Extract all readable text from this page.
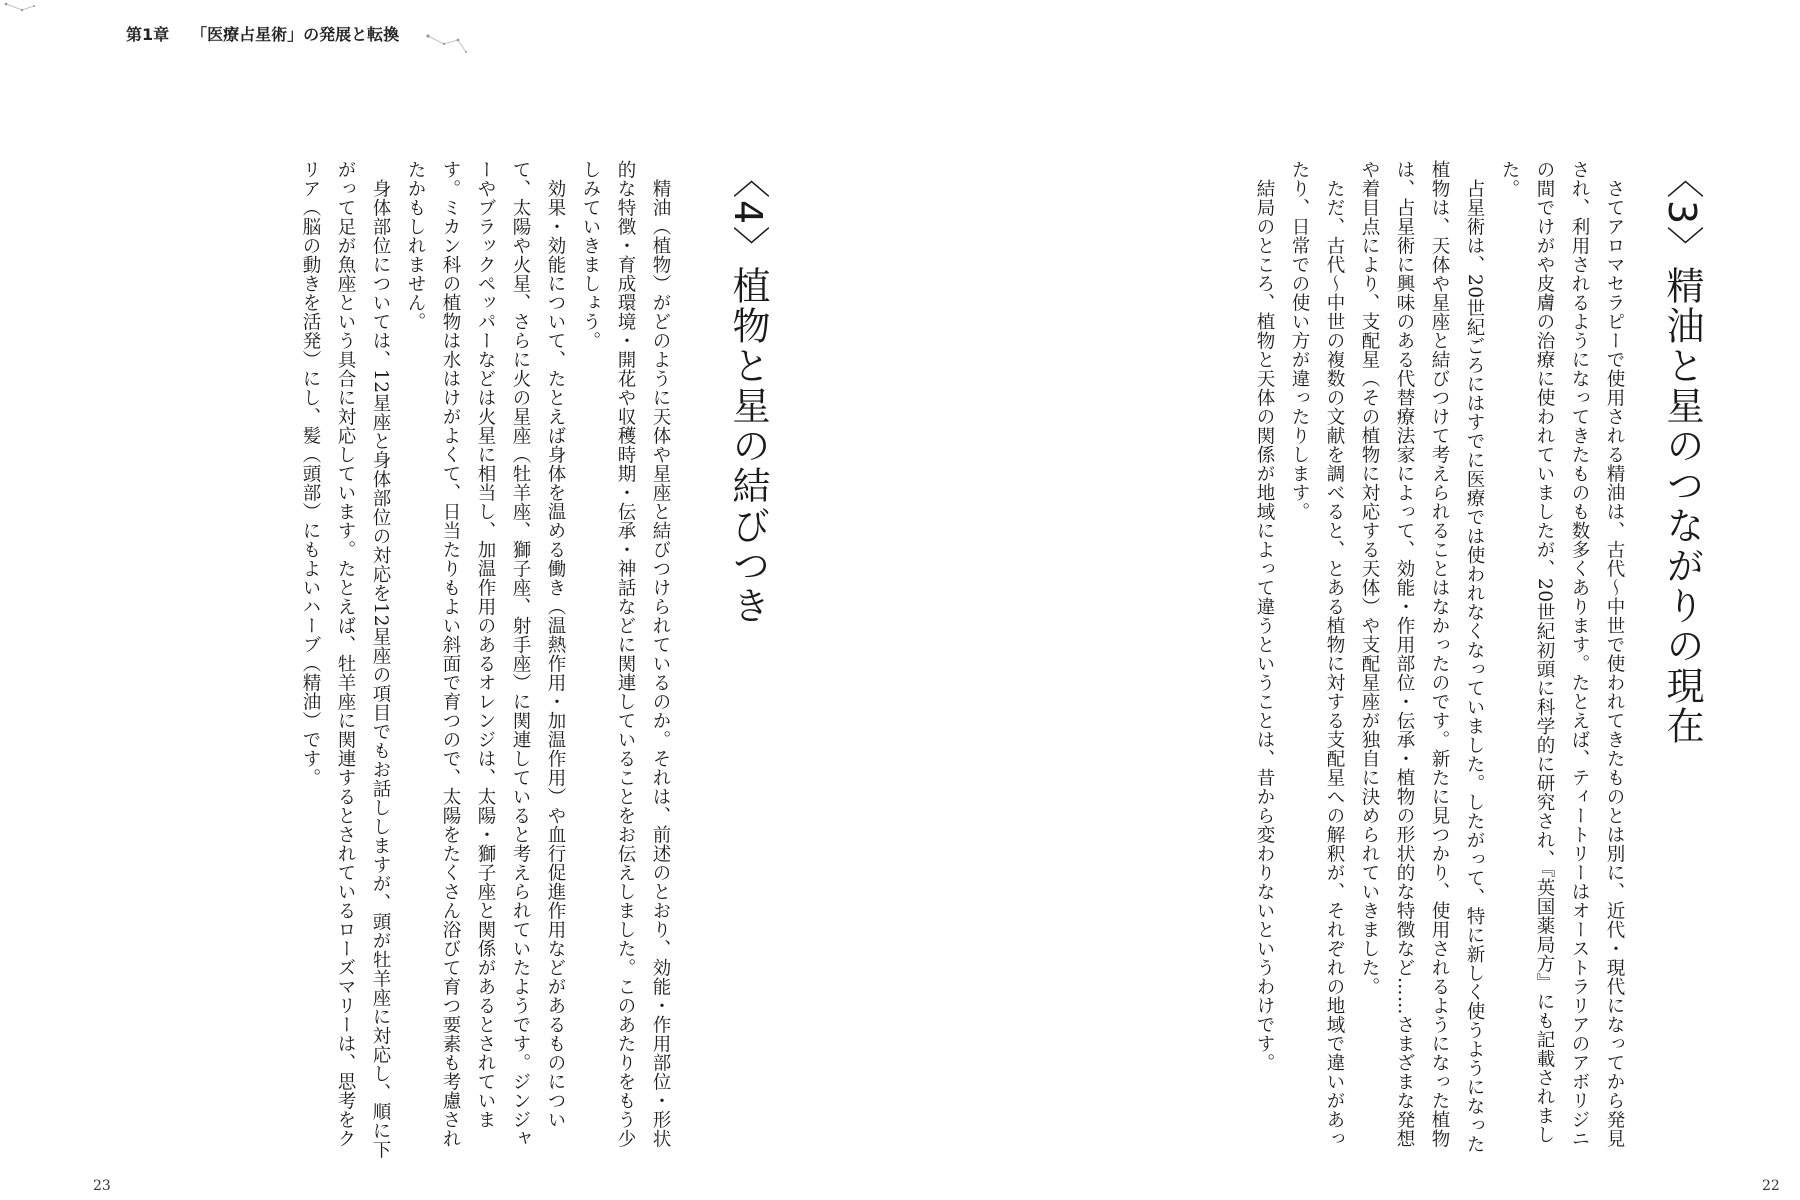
第1章 「医療占星術」の発展と転換
〈3〉精油と星のつながりの現在

さてアロマセラピーで使用される精油は、古代～中世で使われてきたものとは別に、近代・現代になってから発見され、利用されるようになってきたものも数多くあります。たとえば、ティートリーはオーストラリアのアボリジニの間でけがや皮膚の治療に使われていましたが、20世紀初頭に科学的に研究され、『英国薬局方』にも記載されました。

占星術は、20世紀ごろにはすでに医療では使われなくなっていました。したがって、特に新しく使うようになった植物は、天体や星座と結びつけて考えられることはなかったのです。新たに見つかり、使用されるようになった植物は、占星術に興味のある代替療法家によって、効能・作用部位・伝承・植物の形状的な特徴など……さまざまな発想や着目点により、支配星（その植物に対応する天体）や支配星座が独自に決められていきました。

ただ、古代～中世の複数の文献を調べると、とある植物に対する支配星への解釈が、それぞれの地域で違いがあったり、日常での使い方が違ったりします。

結局のところ、植物と天体の関係が地域によって違うということは、昔から変わりないというわけです。

〈4〉植物と星の結びつき

精油（植物）がどのように天体や星座と結びつけられているのか。それは、前述のとおり、効能・作用部位・形状的な特徴・育成環境・開花や収穫時期・伝承・神話などに関連していることをお伝えしました。このあたりをもう少しみていきましょう。

効果・効能について、たとえば身体を温める働き（温熱作用・加温作用）や血行促進作用などがあるものについて、太陽や火星、さらに火の星座（牡羊座、獅子座、射手座）に関連していると考えられていたようです。ジンジャーやブラックペッパーなどは火星に相当し、加温作用のあるオレンジは、太陽・獅子座と関係があるとされています。ミカン科の植物は水はけがよくて、日当たりもよい斜面で育つので、太陽をたくさん浴びて育つ要素も考慮されたかもしれません。

身体部位については、12星座と身体部位の対応を12星座の項目でもお話ししますが、頭が牡羊座に対応し、順に下がって足が魚座という具合に対応しています。たとえば、牡羊座に関連するとされているローズマリーは、思考をクリア（脳の動きを活発）にし、髪（頭部）にもよいハーブ（精油）です。

23	22
